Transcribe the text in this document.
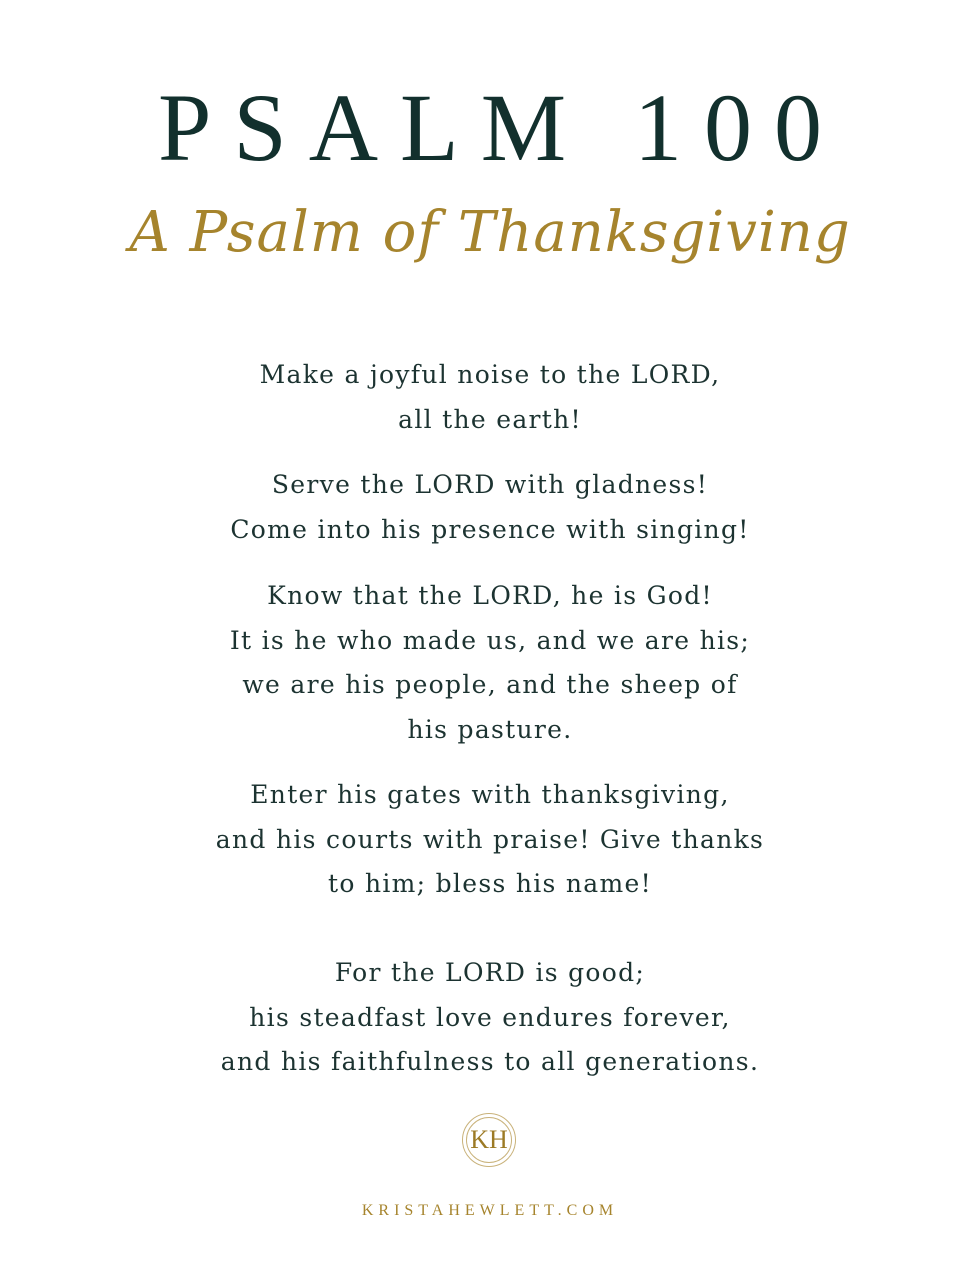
PSALM 100
A Psalm of Thanksgiving
Make a joyful noise to the LORD,
all the earth!
Serve the LORD with gladness!
Come into his presence with singing!
Know that the LORD, he is God!
It is he who made us, and we are his;
we are his people, and the sheep of
his pasture.
Enter his gates with thanksgiving,
and his courts with praise! Give thanks
to him; bless his name!
For the LORD is good;
his steadfast love endures forever,
and his faithfulness to all generations.
KH
KRISTAHEWLETT.COM
